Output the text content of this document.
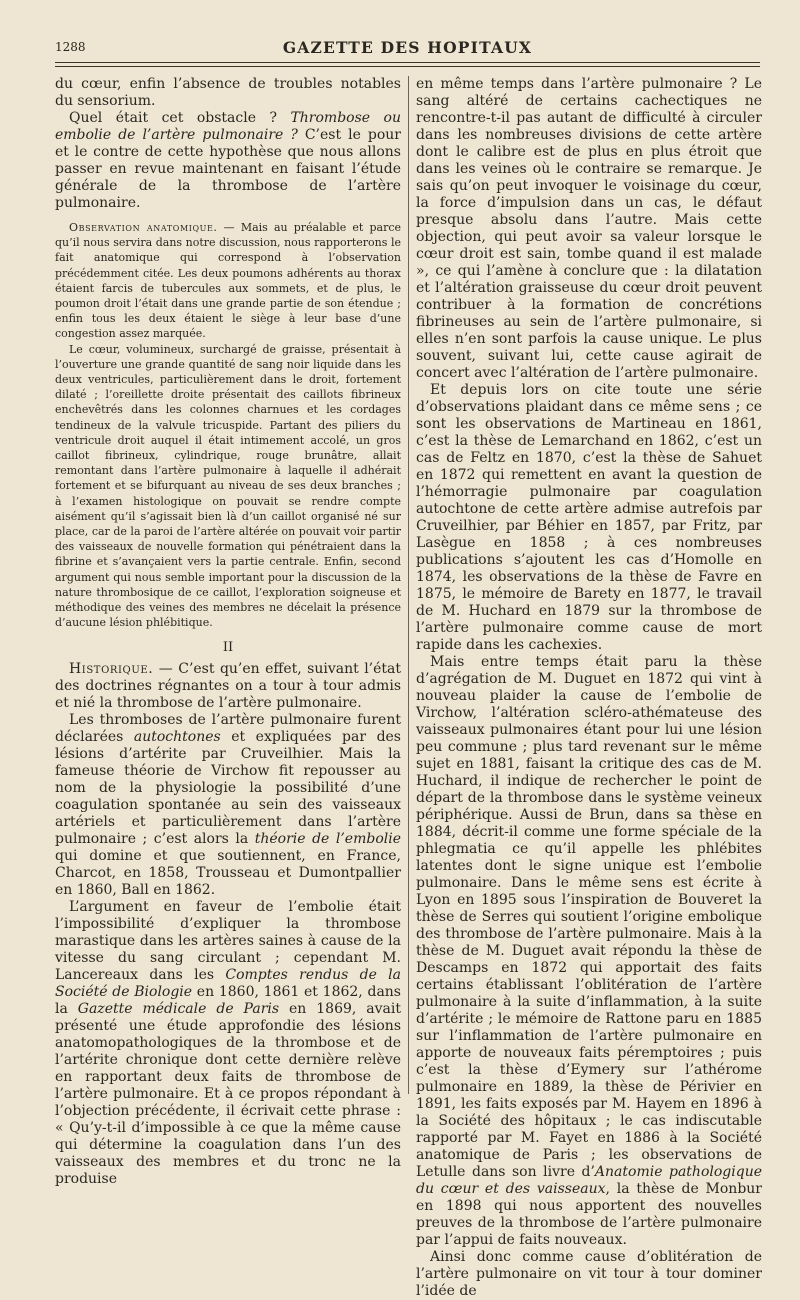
1288	GAZETTE DES HOPITAUX

du cœur, enfin l’absence de troubles notables du sensorium.

Quel était cet obstacle ? Thrombose ou embolie de l’artère pulmonaire ? C’est le pour et le contre de cette hypothèse que nous allons passer en revue maintenant en faisant l’étude générale de la thrombose de l’artère pulmonaire.

Observation anatomique. — Mais au préalable et parce qu’il nous servira dans notre discussion, nous rapporterons le fait anatomique qui correspond à l’observation précédemment citée. Les deux poumons adhérents au thorax étaient farcis de tubercules aux sommets, et de plus, le poumon droit l’était dans une grande partie de son étendue ; enfin tous les deux étaient le siège à leur base d’une congestion assez marquée.

Le cœur, volumineux, surchargé de graisse, présentait à l’ouverture une grande quantité de sang noir liquide dans les deux ventricules, particulièrement dans le droit, fortement dilaté ; l’oreillette droite présentait des caillots fibrineux enchevêtrés dans les colonnes charnues et les cordages tendineux de la valvule tricuspide. Partant des piliers du ventricule droit auquel il était intimement accolé, un gros caillot fibrineux, cylindrique, rouge brunâtre, allait remontant dans l’artère pulmonaire à laquelle il adhérait fortement et se bifurquant au niveau de ses deux branches ; à l’examen histologique on pouvait se rendre compte aisément qu’il s’agissait bien là d’un caillot organisé né sur place, car de la paroi de l’artère altérée on pouvait voir partir des vaisseaux de nouvelle formation qui pénétraient dans la fibrine et s’avançaient vers la partie centrale. Enfin, second argument qui nous semble important pour la discussion de la nature thrombosique de ce caillot, l’exploration soigneuse et méthodique des veines des membres ne décelait la présence d’aucune lésion phlébitique.

II

Historique. — C’est qu’en effet, suivant l’état des doctrines régnantes on a tour à tour admis et nié la thrombose de l’artère pulmonaire.

Les thromboses de l’artère pulmonaire furent déclarées autochtones et expliquées par des lésions d’artérite par Cruveilhier. Mais la fameuse théorie de Virchow fit repousser au nom de la physiologie la possibilité d’une coagulation spontanée au sein des vaisseaux artériels et particulièrement dans l’artère pulmonaire ; c’est alors la théorie de l’embolie qui domine et que soutiennent, en France, Charcot, en 1858, Trousseau et Dumontpallier en 1860, Ball en 1862.

L’argument en faveur de l’embolie était l’impossibilité d’expliquer la thrombose marastique dans les artères saines à cause de la vitesse du sang circulant ; cependant M. Lancereaux dans les Comptes rendus de la Société de Biologie en 1860, 1861 et 1862, dans la Gazette médicale de Paris en 1869, avait présenté une étude approfondie des lésions anatomopathologiques de la thrombose et de l’artérite chronique dont cette dernière relève en rapportant deux faits de thrombose de l’artère pulmonaire. Et à ce propos répondant à l’objection précédente, il écrivait cette phrase : « Qu’y-t-il d’impossible à ce que la même cause qui détermine la coagulation dans l’un des vaisseaux des membres et du tronc ne la produise

en même temps dans l’artère pulmonaire ? Le sang altéré de certains cachectiques ne rencontre-t-il pas autant de difficulté à circuler dans les nombreuses divisions de cette artère dont le calibre est de plus en plus étroit que dans les veines où le contraire se remarque. Je sais qu’on peut invoquer le voisinage du cœur, la force d’impulsion dans un cas, le défaut presque absolu dans l’autre. Mais cette objection, qui peut avoir sa valeur lorsque le cœur droit est sain, tombe quand il est malade », ce qui l’amène à conclure que : la dilatation et l’altération graisseuse du cœur droit peuvent contribuer à la formation de concrétions fibrineuses au sein de l’artère pulmonaire, si elles n’en sont parfois la cause unique. Le plus souvent, suivant lui, cette cause agirait de concert avec l’altération de l’artère pulmonaire.

Et depuis lors on cite toute une série d’observations plaidant dans ce même sens ; ce sont les observations de Martineau en 1861, c’est la thèse de Lemarchand en 1862, c’est un cas de Feltz en 1870, c’est la thèse de Sahuet en 1872 qui remettent en avant la question de l’hémorragie pulmonaire par coagulation autochtone de cette artère admise autrefois par Cruveilhier, par Béhier en 1857, par Fritz, par Lasègue en 1858 ; à ces nombreuses publications s’ajoutent les cas d’Homolle en 1874, les observations de la thèse de Favre en 1875, le mémoire de Barety en 1877, le travail de M. Huchard en 1879 sur la thrombose de l’artère pulmonaire comme cause de mort rapide dans les cachexies.

Mais entre temps était paru la thèse d’agrégation de M. Duguet en 1872 qui vint à nouveau plaider la cause de l’embolie de Virchow, l’altération scléro-athémateuse des vaisseaux pulmonaires étant pour lui une lésion peu commune ; plus tard revenant sur le même sujet en 1881, faisant la critique des cas de M. Huchard, il indique de rechercher le point de départ de la thrombose dans le système veineux périphérique. Aussi de Brun, dans sa thèse en 1884, décrit-il comme une forme spéciale de la phlegmatia ce qu’il appelle les phlébites latentes dont le signe unique est l’embolie pulmonaire. Dans le même sens est écrite à Lyon en 1895 sous l’inspiration de Bouveret la thèse de Serres qui soutient l’origine embolique des thrombose de l’artère pulmonaire. Mais à la thèse de M. Duguet avait répondu la thèse de Descamps en 1872 qui apportait des faits certains établissant l’oblitération de l’artère pulmonaire à la suite d’inflammation, à la suite d’artérite ; le mémoire de Rattone paru en 1885 sur l’inflammation de l’artère pulmonaire en apporte de nouveaux faits péremptoires ; puis c’est la thèse d’Eymery sur l’athérome pulmonaire en 1889, la thèse de Périvier en 1891, les faits exposés par M. Hayem en 1896 à la Société des hôpitaux ; le cas indiscutable rapporté par M. Fayet en 1886 à la Société anatomique de Paris ; les observations de Letulle dans son livre d’Anatomie pathologique du cœur et des vaisseaux, la thèse de Monbur en 1898 qui nous apportent des nouvelles preuves de la thrombose de l’artère pulmonaire par l’appui de faits nouveaux.

Ainsi donc comme cause d’oblitération de l’artère pulmonaire on vit tour à tour dominer l’idée de
